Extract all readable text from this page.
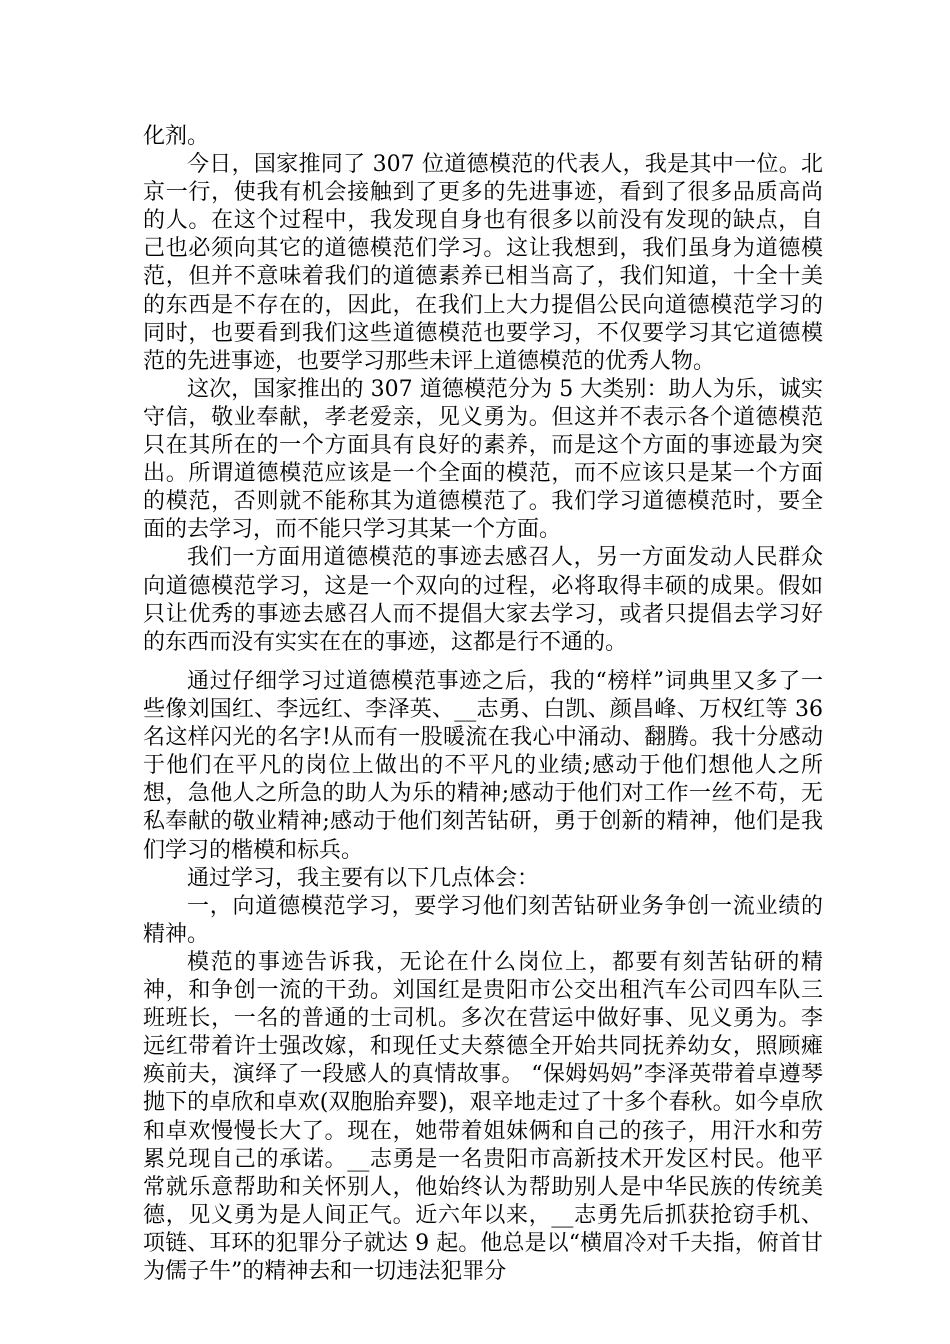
化剂。

今日，国家推同了 307 位道德模范的代表人，我是其中一位。北京一行，使我有机会接触到了更多的先进事迹，看到了很多品质高尚的人。在这个过程中，我发现自身也有很多以前没有发现的缺点，自己也必须向其它的道德模范们学习。这让我想到，我们虽身为道德模范，但并不意味着我们的道德素养已相当高了，我们知道，十全十美的东西是不存在的，因此，在我们上大力提倡公民向道德模范学习的同时，也要看到我们这些道德模范也要学习，不仅要学习其它道德模范的先进事迹，也要学习那些未评上道德模范的优秀人物。

这次，国家推出的 307 道德模范分为 5 大类别：助人为乐，诚实守信，敬业奉献，孝老爱亲，见义勇为。但这并不表示各个道德模范只在其所在的一个方面具有良好的素养，而是这个方面的事迹最为突出。所谓道德模范应该是一个全面的模范，而不应该只是某一个方面的模范，否则就不能称其为道德模范了。我们学习道德模范时，要全面的去学习，而不能只学习其某一个方面。

我们一方面用道德模范的事迹去感召人，另一方面发动人民群众向道德模范学习，这是一个双向的过程，必将取得丰硕的成果。假如只让优秀的事迹去感召人而不提倡大家去学习，或者只提倡去学习好的东西而没有实实在在的事迹，这都是行不通的。

通过仔细学习过道德模范事迹之后，我的“榜样”词典里又多了一些像刘国红、李远红、李泽英、__志勇、白凯、颜昌峰、万权红等 36 名这样闪光的名字!从而有一股暖流在我心中涌动、翻腾。我十分感动于他们在平凡的岗位上做出的不平凡的业绩;感动于他们想他人之所想，急他人之所急的助人为乐的精神;感动于他们对工作一丝不苟，无私奉献的敬业精神;感动于他们刻苦钻研，勇于创新的精神，他们是我们学习的楷模和标兵。

通过学习，我主要有以下几点体会：

一，向道德模范学习，要学习他们刻苦钻研业务争创一流业绩的精神。

模范的事迹告诉我，无论在什么岗位上，都要有刻苦钻研的精神，和争创一流的干劲。刘国红是贵阳市公交出租汽车公司四车队三班班长，一名的普通的士司机。多次在营运中做好事、见义勇为。李远红带着许士强改嫁，和现任丈夫蔡德全开始共同抚养幼女，照顾瘫痪前夫，演绎了一段感人的真情故事。 “保姆妈妈”李泽英带着卓遵琴抛下的卓欣和卓欢(双胞胎弃婴)，艰辛地走过了十多个春秋。如今卓欣和卓欢慢慢长大了。现在，她带着姐妹俩和自己的孩子，用汗水和劳累兑现自己的承诺。__志勇是一名贵阳市高新技术开发区村民。他平常就乐意帮助和关怀别人，他始终认为帮助别人是中华民族的传统美德，见义勇为是人间正气。近六年以来，__志勇先后抓获抢窃手机、项链、耳环的犯罪分子就达 9 起。他总是以“横眉冷对千夫指，俯首甘为儒子牛”的精神去和一切违法犯罪分
